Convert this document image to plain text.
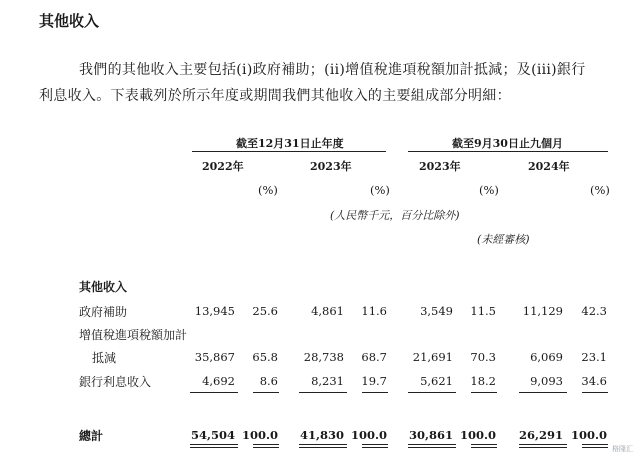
其他收入
我們的其他收入主要包括(i)政府補助；(ii)增值稅進項稅額加計抵減；及(iii)銀行
利息收入。下表載列於所示年度或期間我們其他收入的主要組成部分明細：
截至12月31日止年度	截至9月30日止九個月
2022年	2023年	2023年	2024年
(%)	(%)	(%)	(%)
(人民幣千元，百分比除外)
(未經審核)
其他收入
政府補助	13,945 25.6	4,861 11.6	3,549 11.5 11,129 42.3
增值稅進項稅額加計
抵減	35,867 65.8 28,738 68.7 21,691 70.3	6,069 23.1
銀行利息收入	4,692 8.6	8,231 19.7	5,621 18.2	9,093 34.6
總計	54,504 100.0 41,830 100.0 30,861 100.0 26,291 100.0
格隆汇
